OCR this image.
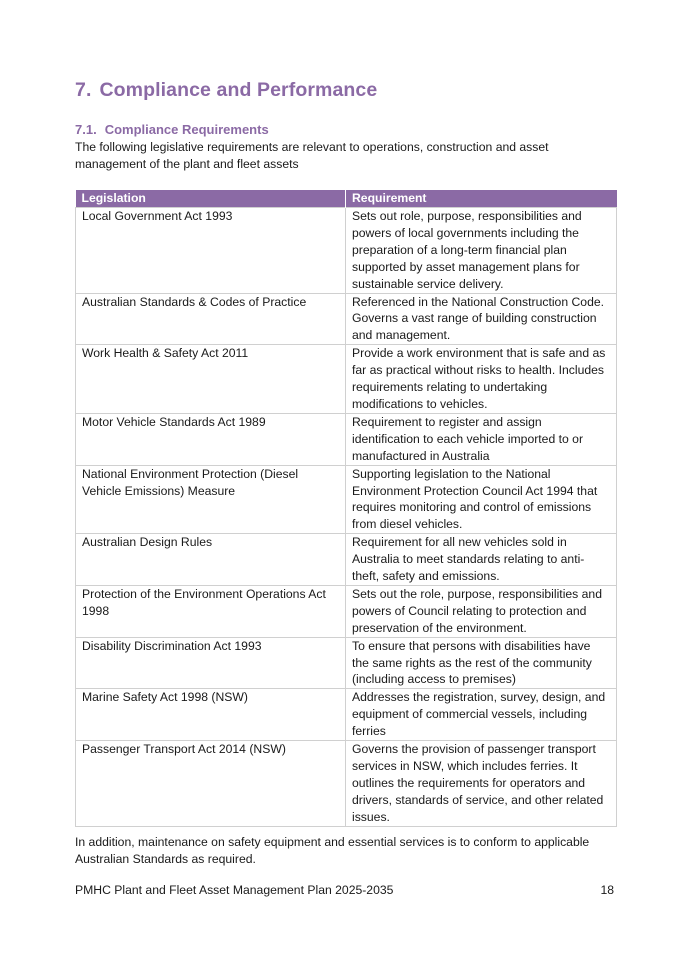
7. Compliance and Performance
7.1. Compliance Requirements

The following legislative requirements are relevant to operations, construction and asset management of the plant and fleet assets

Legislation	Requirement
Local Government Act 1993	Sets out role, purpose, responsibilities and powers of local governments including the preparation of a long-term financial plan supported by asset management plans for sustainable service delivery.
Australian Standards & Codes of Practice	Referenced in the National Construction Code. Governs a vast range of building construction and management.
Work Health & Safety Act 2011	Provide a work environment that is safe and as far as practical without risks to health. Includes requirements relating to undertaking modifications to vehicles.
Motor Vehicle Standards Act 1989	Requirement to register and assign identification to each vehicle imported to or manufactured in Australia
National Environment Protection (Diesel Vehicle Emissions) Measure	Supporting legislation to the National Environment Protection Council Act 1994 that requires monitoring and control of emissions from diesel vehicles.
Australian Design Rules	Requirement for all new vehicles sold in Australia to meet standards relating to anti-theft, safety and emissions.
Protection of the Environment Operations Act 1998	Sets out the role, purpose, responsibilities and powers of Council relating to protection and preservation of the environment.
Disability Discrimination Act 1993	To ensure that persons with disabilities have the same rights as the rest of the community (including access to premises)
Marine Safety Act 1998 (NSW)	Addresses the registration, survey, design, and equipment of commercial vessels, including ferries
Passenger Transport Act 2014 (NSW)	Governs the provision of passenger transport services in NSW, which includes ferries. It outlines the requirements for operators and drivers, standards of service, and other related issues.

In addition, maintenance on safety equipment and essential services is to conform to applicable Australian Standards as required.

PMHC Plant and Fleet Asset Management Plan 2025-2035	18
